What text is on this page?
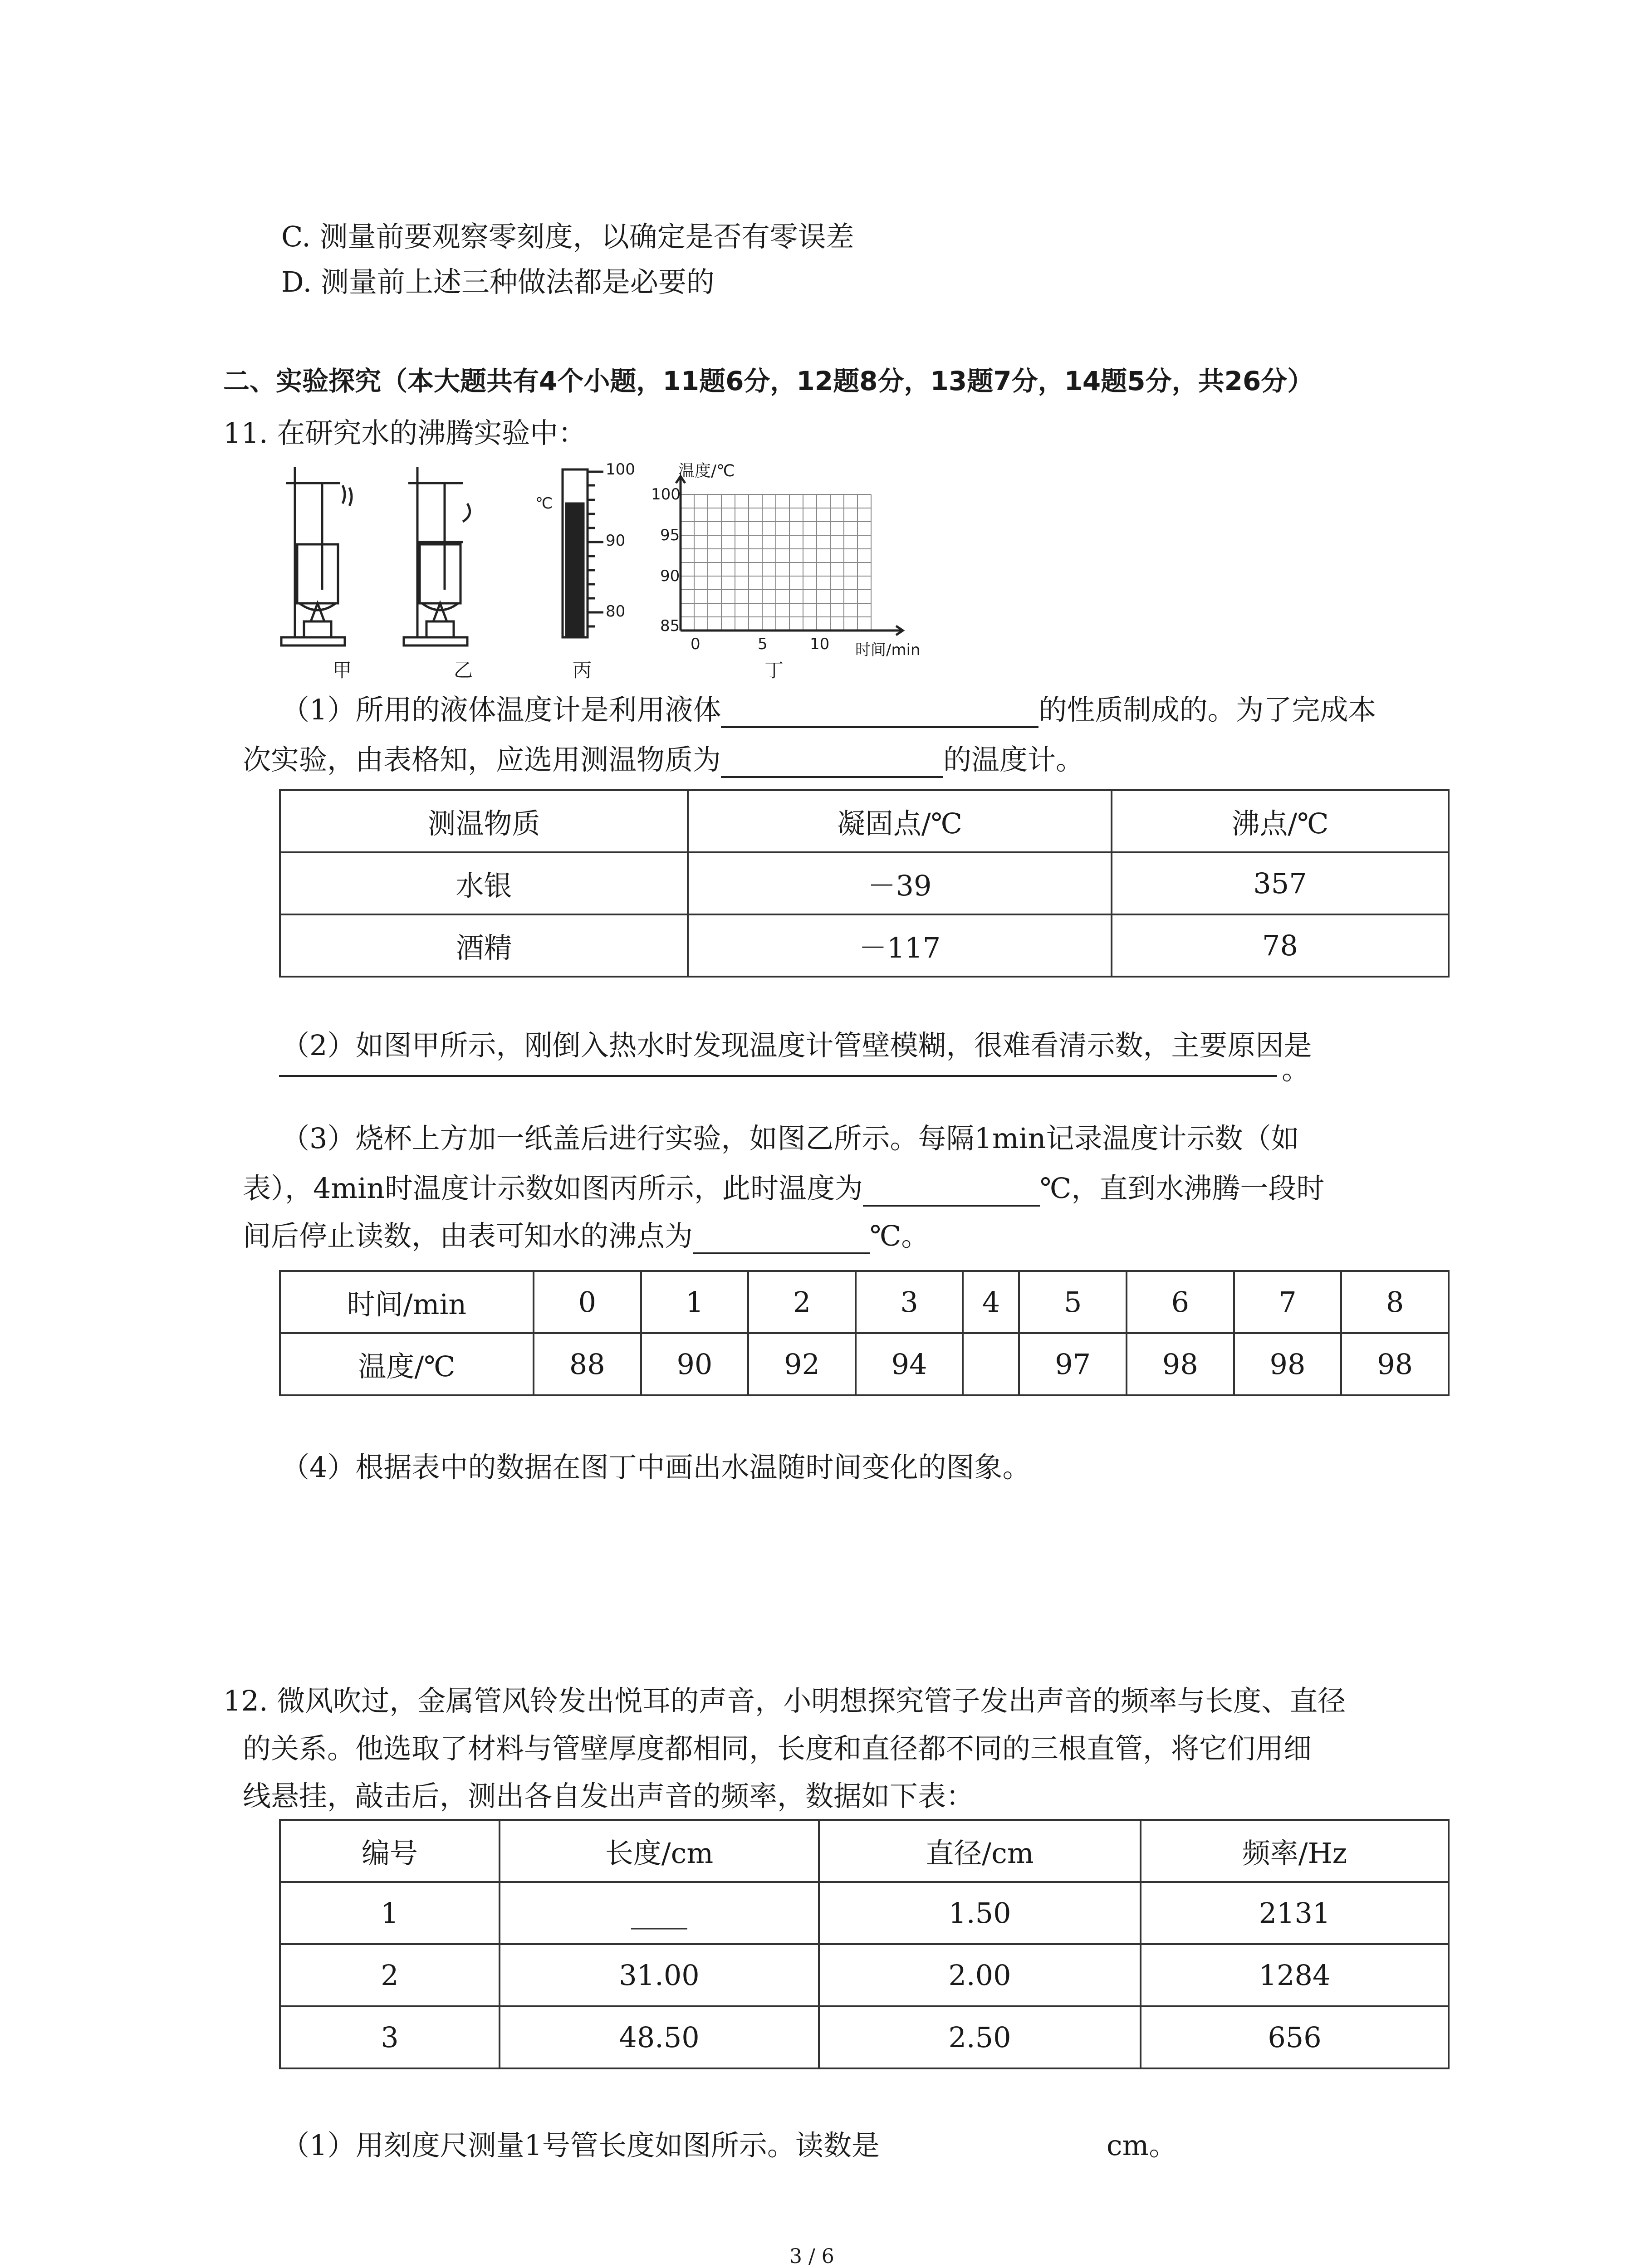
C. 测量前要观察零刻度，以确定是否有零误差
D. 测量前上述三种做法都是必要的
二、实验探究（本大题共有4个小题，11题6分，12题8分，13题7分，14题5分，共26分）
11. 在研究水的沸腾实验中：
甲	乙	丙	丁
℃
100
90
80
温度/℃
100
95
90
85
0	5	10 时间/min
（1）所用的液体温度计是利用液体	的性质制成的。为了完成本
次实验，由表格知，应选用测温物质为	的温度计。
测温物质	凝固点/℃	沸点/℃
水银	－39	357
酒精	－117	78
（2）如图甲所示，刚倒入热水时发现温度计管壁模糊，很难看清示数，主要原因是
。
（3）烧杯上方加一纸盖后进行实验，如图乙所示。每隔1min记录温度计示数（如
表），4min时温度计示数如图丙所示，此时温度为	℃，直到水沸腾一段时
间后停止读数，由表可知水的沸点为	℃。
时间/min	0	1	2	3	4	5	6	7	8
温度/℃	88	90	92	94		97	98	98	98
（4）根据表中的数据在图丁中画出水温随时间变化的图象。
12. 微风吹过，金属管风铃发出悦耳的声音，小明想探究管子发出声音的频率与长度、直径
的关系。他选取了材料与管壁厚度都相同，长度和直径都不同的三根直管，将它们用细
线悬挂，敲击后，测出各自发出声音的频率，数据如下表：
编号	长度/cm	直径/cm	频率/Hz
1	____	1.50	2131
2	31.00	2.00	1284
3	48.50	2.50	656
（1）用刻度尺测量1号管长度如图所示。读数是	cm。
3 / 6
